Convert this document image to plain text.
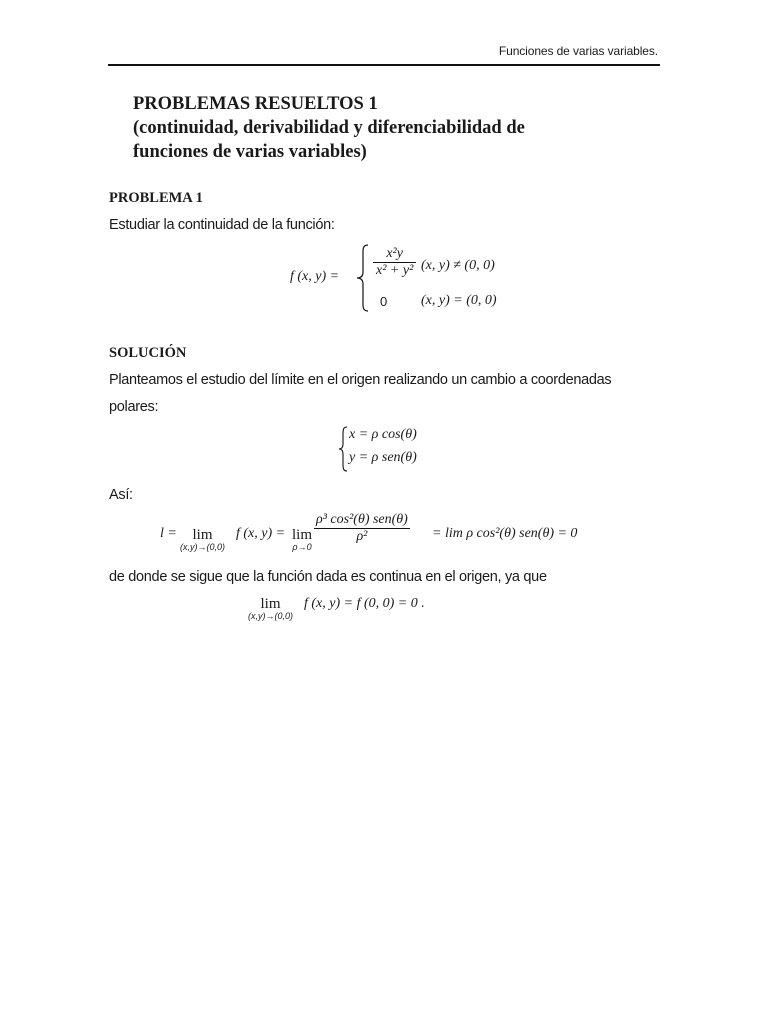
Funciones de varias variables.
PROBLEMAS RESUELTOS 1
(continuidad, derivabilidad y diferenciabilidad de
funciones de varias variables)
PROBLEMA 1
Estudiar la continuidad de la función:
f (x, $y) = \frac{\text{x²y}}{\text{x² + y²}} (x$, y) ≠ (0, 0)
0 (x, y) = (0, 0)
SOLUCIÓN
Planteamos el estudio del límite en el origen realizando un cambio a coordenadas
polares:
x = ρ cos(θ)
y = ρ sen(θ)
Así:
l =	lim
(x,y)→(0,0)
f (x, y) = lim
ρ→0
ρ³ cos²(θ) sen(θ)
ρ²	= lim ρ cos²(θ) sen(θ) = 0
de donde se sigue que la función dada es continua en el origen, ya que
lim
(x,y)→(0,0)
f (x, y) = f (0, 0) = 0 .
